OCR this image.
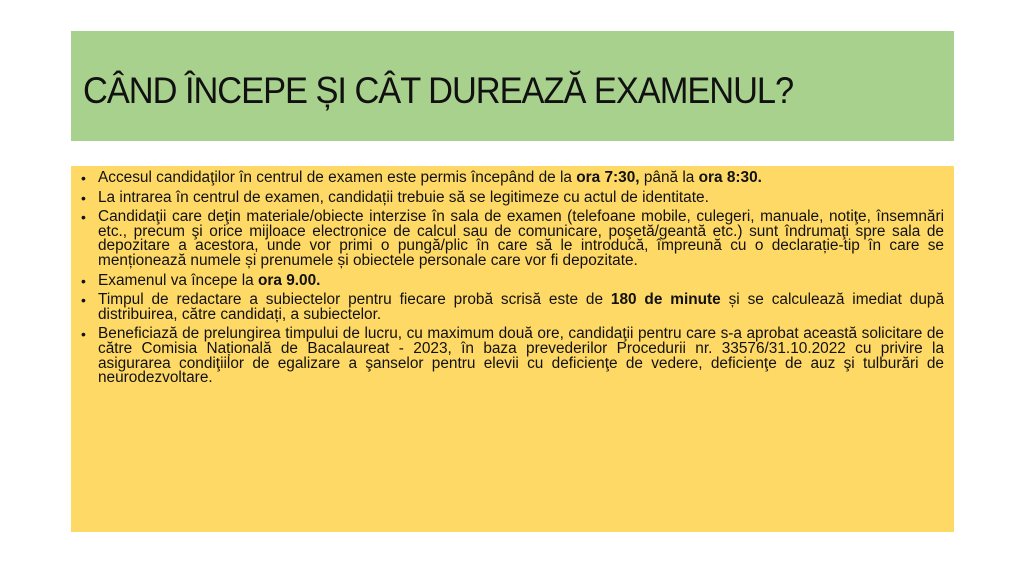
CÂND ÎNCEPE ȘI CÂT DUREAZĂ EXAMENUL?
• Accesul candidaţilor în centrul de examen este permis începând de la ora 7:30, până la ora 8:30.
• La intrarea în centrul de examen, candidații trebuie să se legitimeze cu actul de identitate.
• Candidaţii care deţin materiale/obiecte interzise în sala de examen (telefoane mobile, culegeri, manuale, notiţe, însemnări etc., precum şi orice mijloace electronice de calcul sau de comunicare, poşetă/geantă etc.) sunt îndrumaţi spre sala de depozitare a acestora, unde vor primi o pungă/plic în care să le introducă, împreună cu o declarație-tip în care se menționează numele și prenumele și obiectele personale care vor fi depozitate.
• Examenul va începe la ora 9.00.
• Timpul de redactare a subiectelor pentru fiecare probă scrisă este de 180 de minute și se calculează imediat după distribuirea, către candidați, a subiectelor.
• Beneficiază de prelungirea timpului de lucru, cu maximum două ore, candidaţii pentru care s-a aprobat această solicitare de către Comisia Națională de Bacalaureat - 2023, în baza prevederilor Procedurii nr. 33576/31.10.2022 cu privire la asigurarea condiţiilor de egalizare a şanselor pentru elevii cu deficienţe de vedere, deficienţe de auz şi tulburări de neurodezvoltare.
